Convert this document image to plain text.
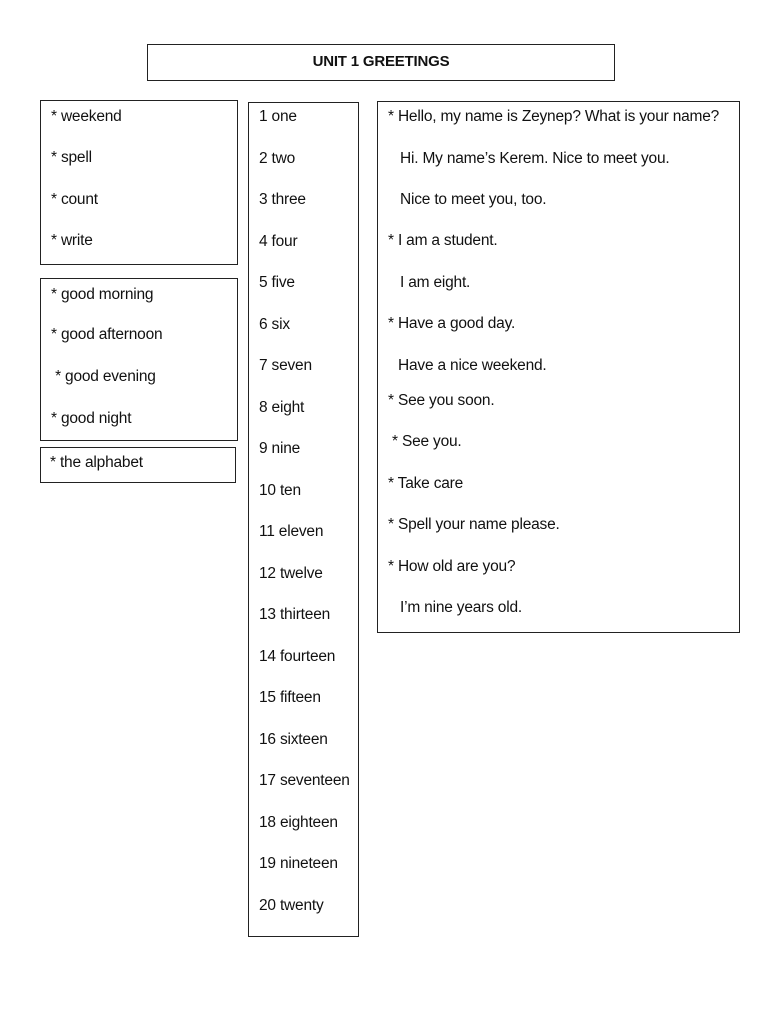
UNIT 1 GREETINGS
* weekend
* spell
* count
* write
* good morning
* good afternoon
* good evening
* good night
* the alphabet
1 one
2 two
3 three
4 four
5 five
6 six
7 seven
8 eight
9 nine
10 ten
11 eleven
12 twelve
13 thirteen
14 fourteen
15 fifteen
16 sixteen
17 seventeen
18 eighteen
19 nineteen
20 twenty
* Hello, my name is Zeynep? What is your name?
Hi. My name’s Kerem. Nice to meet you.
Nice to meet you, too.
* I am a student.
I am eight.
* Have a good day.
Have a nice weekend.
* See you soon.
* See you.
* Take care
* Spell your name please.
* How old are you?
I’m nine years old.
